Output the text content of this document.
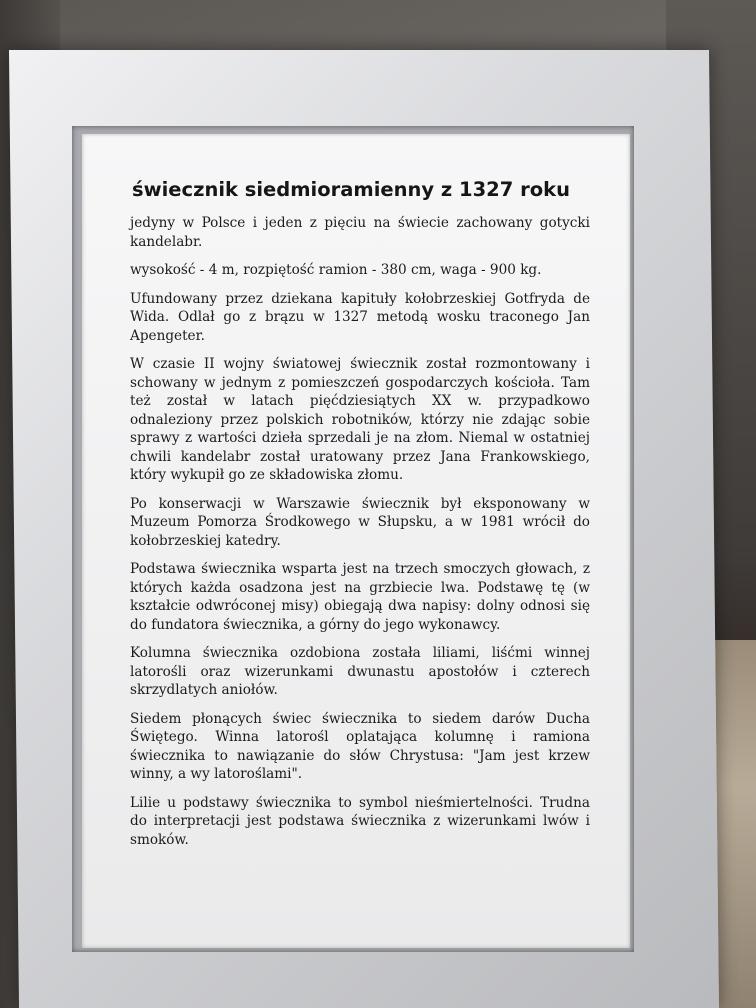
świecznik siedmioramienny z 1327 roku

jedyny w Polsce i jeden z pięciu na świecie zachowany gotycki kandelabr.

wysokość - 4 m, rozpiętość ramion - 380 cm, waga - 900 kg.

Ufundowany przez dziekana kapituły kołobrzeskiej Gotfryda de Wida. Odlał go z brązu w 1327 metodą wosku traconego Jan Apengeter.

W czasie II wojny światowej świecznik został rozmontowany i schowany w jednym z pomieszczeń gospodarczych kościoła. Tam też został w latach pięćdziesiątych XX w. przypadkowo odnaleziony przez polskich robotników, którzy nie zdając sobie sprawy z wartości dzieła sprzedali je na złom. Niemal w ostatniej chwili kandelabr został uratowany przez Jana Frankowskiego, który wykupił go ze składowiska złomu.

Po konserwacji w Warszawie świecznik był eksponowany w Muzeum Pomorza Środkowego w Słupsku, a w 1981 wrócił do kołobrzeskiej katedry.

Podstawa świecznika wsparta jest na trzech smoczych głowach, z których każda osadzona jest na grzbiecie lwa. Podstawę tę (w kształcie odwróconej misy) obiegają dwa napisy: dolny odnosi się do fundatora świecznika, a górny do jego wykonawcy.

Kolumna świecznika ozdobiona została liliami, liśćmi winnej latorośli oraz wizerunkami dwunastu apostołów i czterech skrzydlatych aniołów.

Siedem płonących świec świecznika to siedem darów Ducha Świętego. Winna latorośl oplatająca kolumnę i ramiona świecznika to nawiązanie do słów Chrystusa: "Jam jest krzew winny, a wy latoroślami".

Lilie u podstawy świecznika to symbol nieśmiertelności. Trudna do interpretacji jest podstawa świecznika z wizerunkami lwów i smoków.
